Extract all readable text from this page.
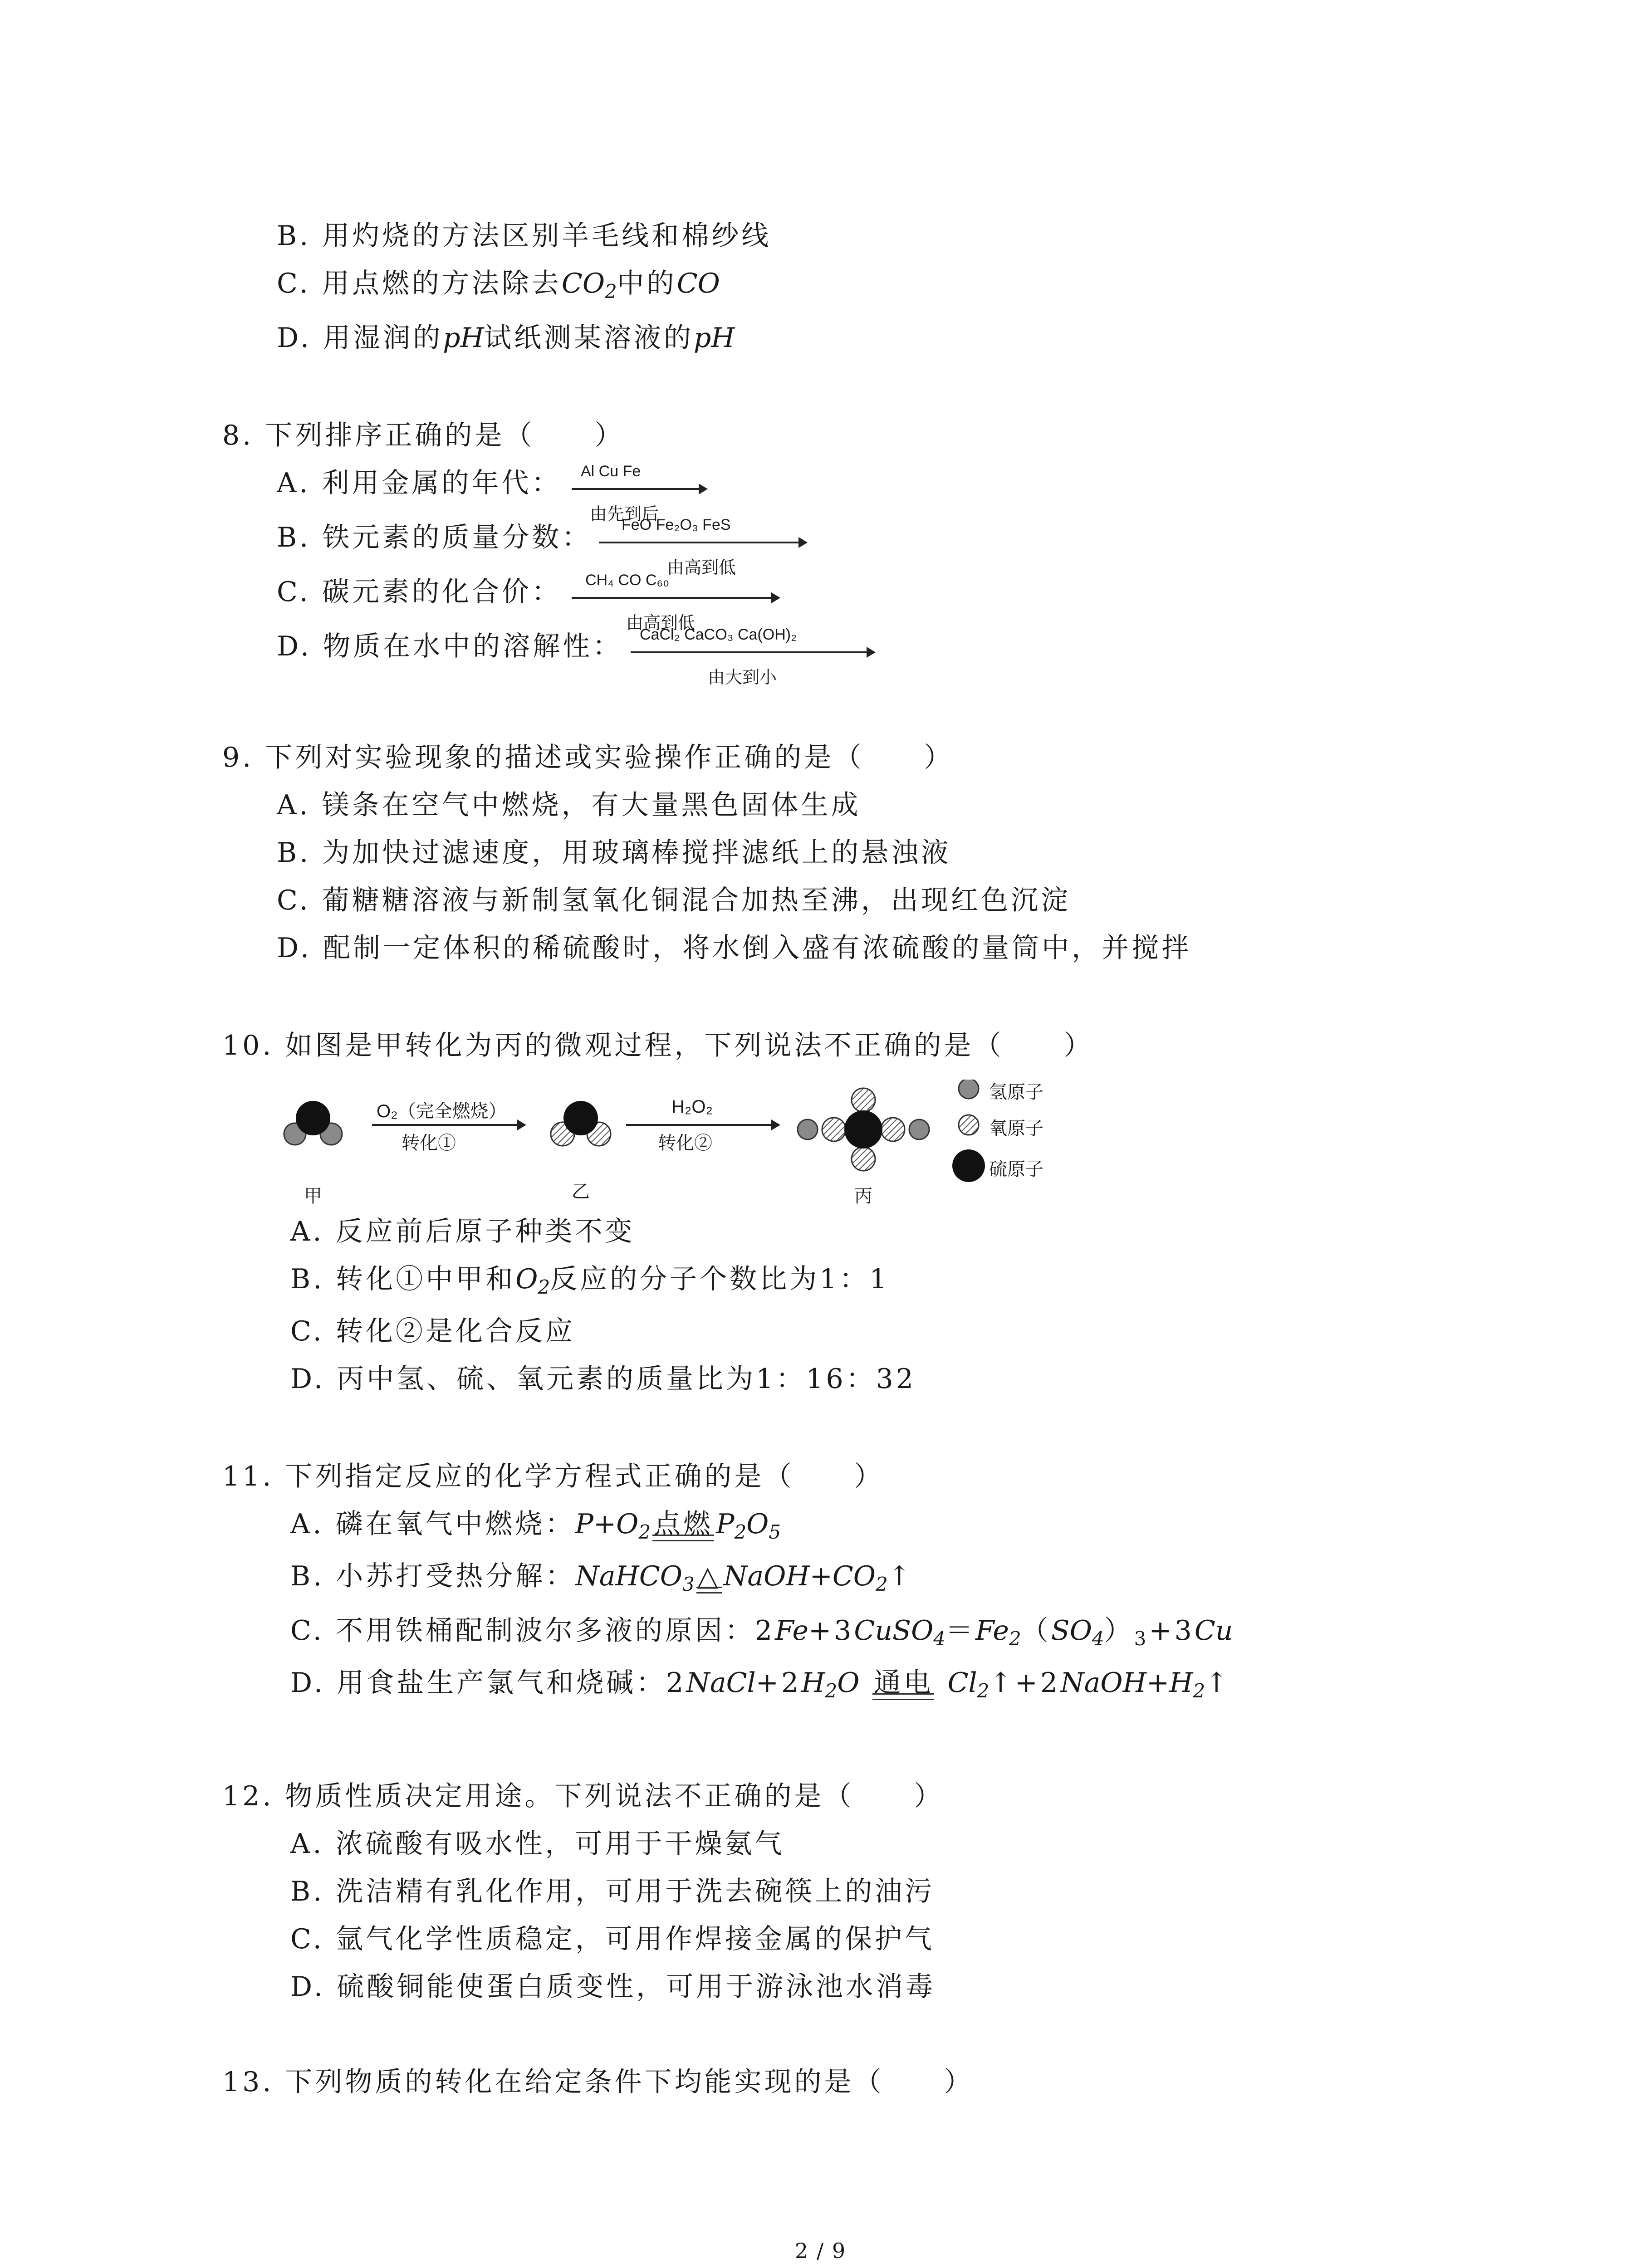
B. 用灼烧的方法区别羊毛线和棉纱线
C. 用点燃的方法除去$CO_2$中的CO
D. 用湿润的pH试纸测某溶液的pH
8. 下列排序正确的是（　　）
A. 利用金属的年代： Al Cu Fe
由先到后
B. 铁元素的质量分数： FeO Fe₂O₃ FeS
由高到低
C. 碳元素的化合价： CH₄ CO C₆₀
由高到低
D. 物质在水中的溶解性： CaCl₂ CaCO₃ Ca(OH)₂
由大到小
9. 下列对实验现象的描述或实验操作正确的是（　　）
A. 镁条在空气中燃烧，有大量黑色固体生成
B. 为加快过滤速度，用玻璃棒搅拌滤纸上的悬浊液
C. 葡糖糖溶液与新制氢氧化铜混合加热至沸，出现红色沉淀
D. 配制一定体积的稀硫酸时，将水倒入盛有浓硫酸的量筒中，并搅拌
10. 如图是甲转化为丙的微观过程，下列说法不正确的是（　　）
O₂（完全燃烧）
转化①
H₂O₂
转化②
甲	乙	丙
氢原子
氧原子
硫原子
A. 反应前后原子种类不变
B. 转化①中甲和$O_2$反应的分子个数比为1：1
C. 转化②是化合反应
D. 丙中氢、硫、氧元素的质量比为1：16：32
11. 下列指定反应的化学方程式正确的是（　　）
A. 磷在氧气中燃烧：$P+O_2$ 点燃 $P_2O_5$
B. 小苏打受热分解：NaHCO$_3$ △ $NaOH+CO_2↑$
C. 不用铁桶配制波尔多液的原因：$2Fe+3CuSO_4=Fe_2(SO_4)_3+3Cu$
D. 用食盐生产氯气和烧碱：$2NaCl+2H_2O$ 通电 $Cl_2↑+2NaOH+H_2↑$
12. 物质性质决定用途。下列说法不正确的是（　　）
A. 浓硫酸有吸水性，可用于干燥氨气
B. 洗洁精有乳化作用，可用于洗去碗筷上的油污
C. 氩气化学性质稳定，可用作焊接金属的保护气
D. 硫酸铜能使蛋白质变性，可用于游泳池水消毒
13. 下列物质的转化在给定条件下均能实现的是（　　）
2 / 9
